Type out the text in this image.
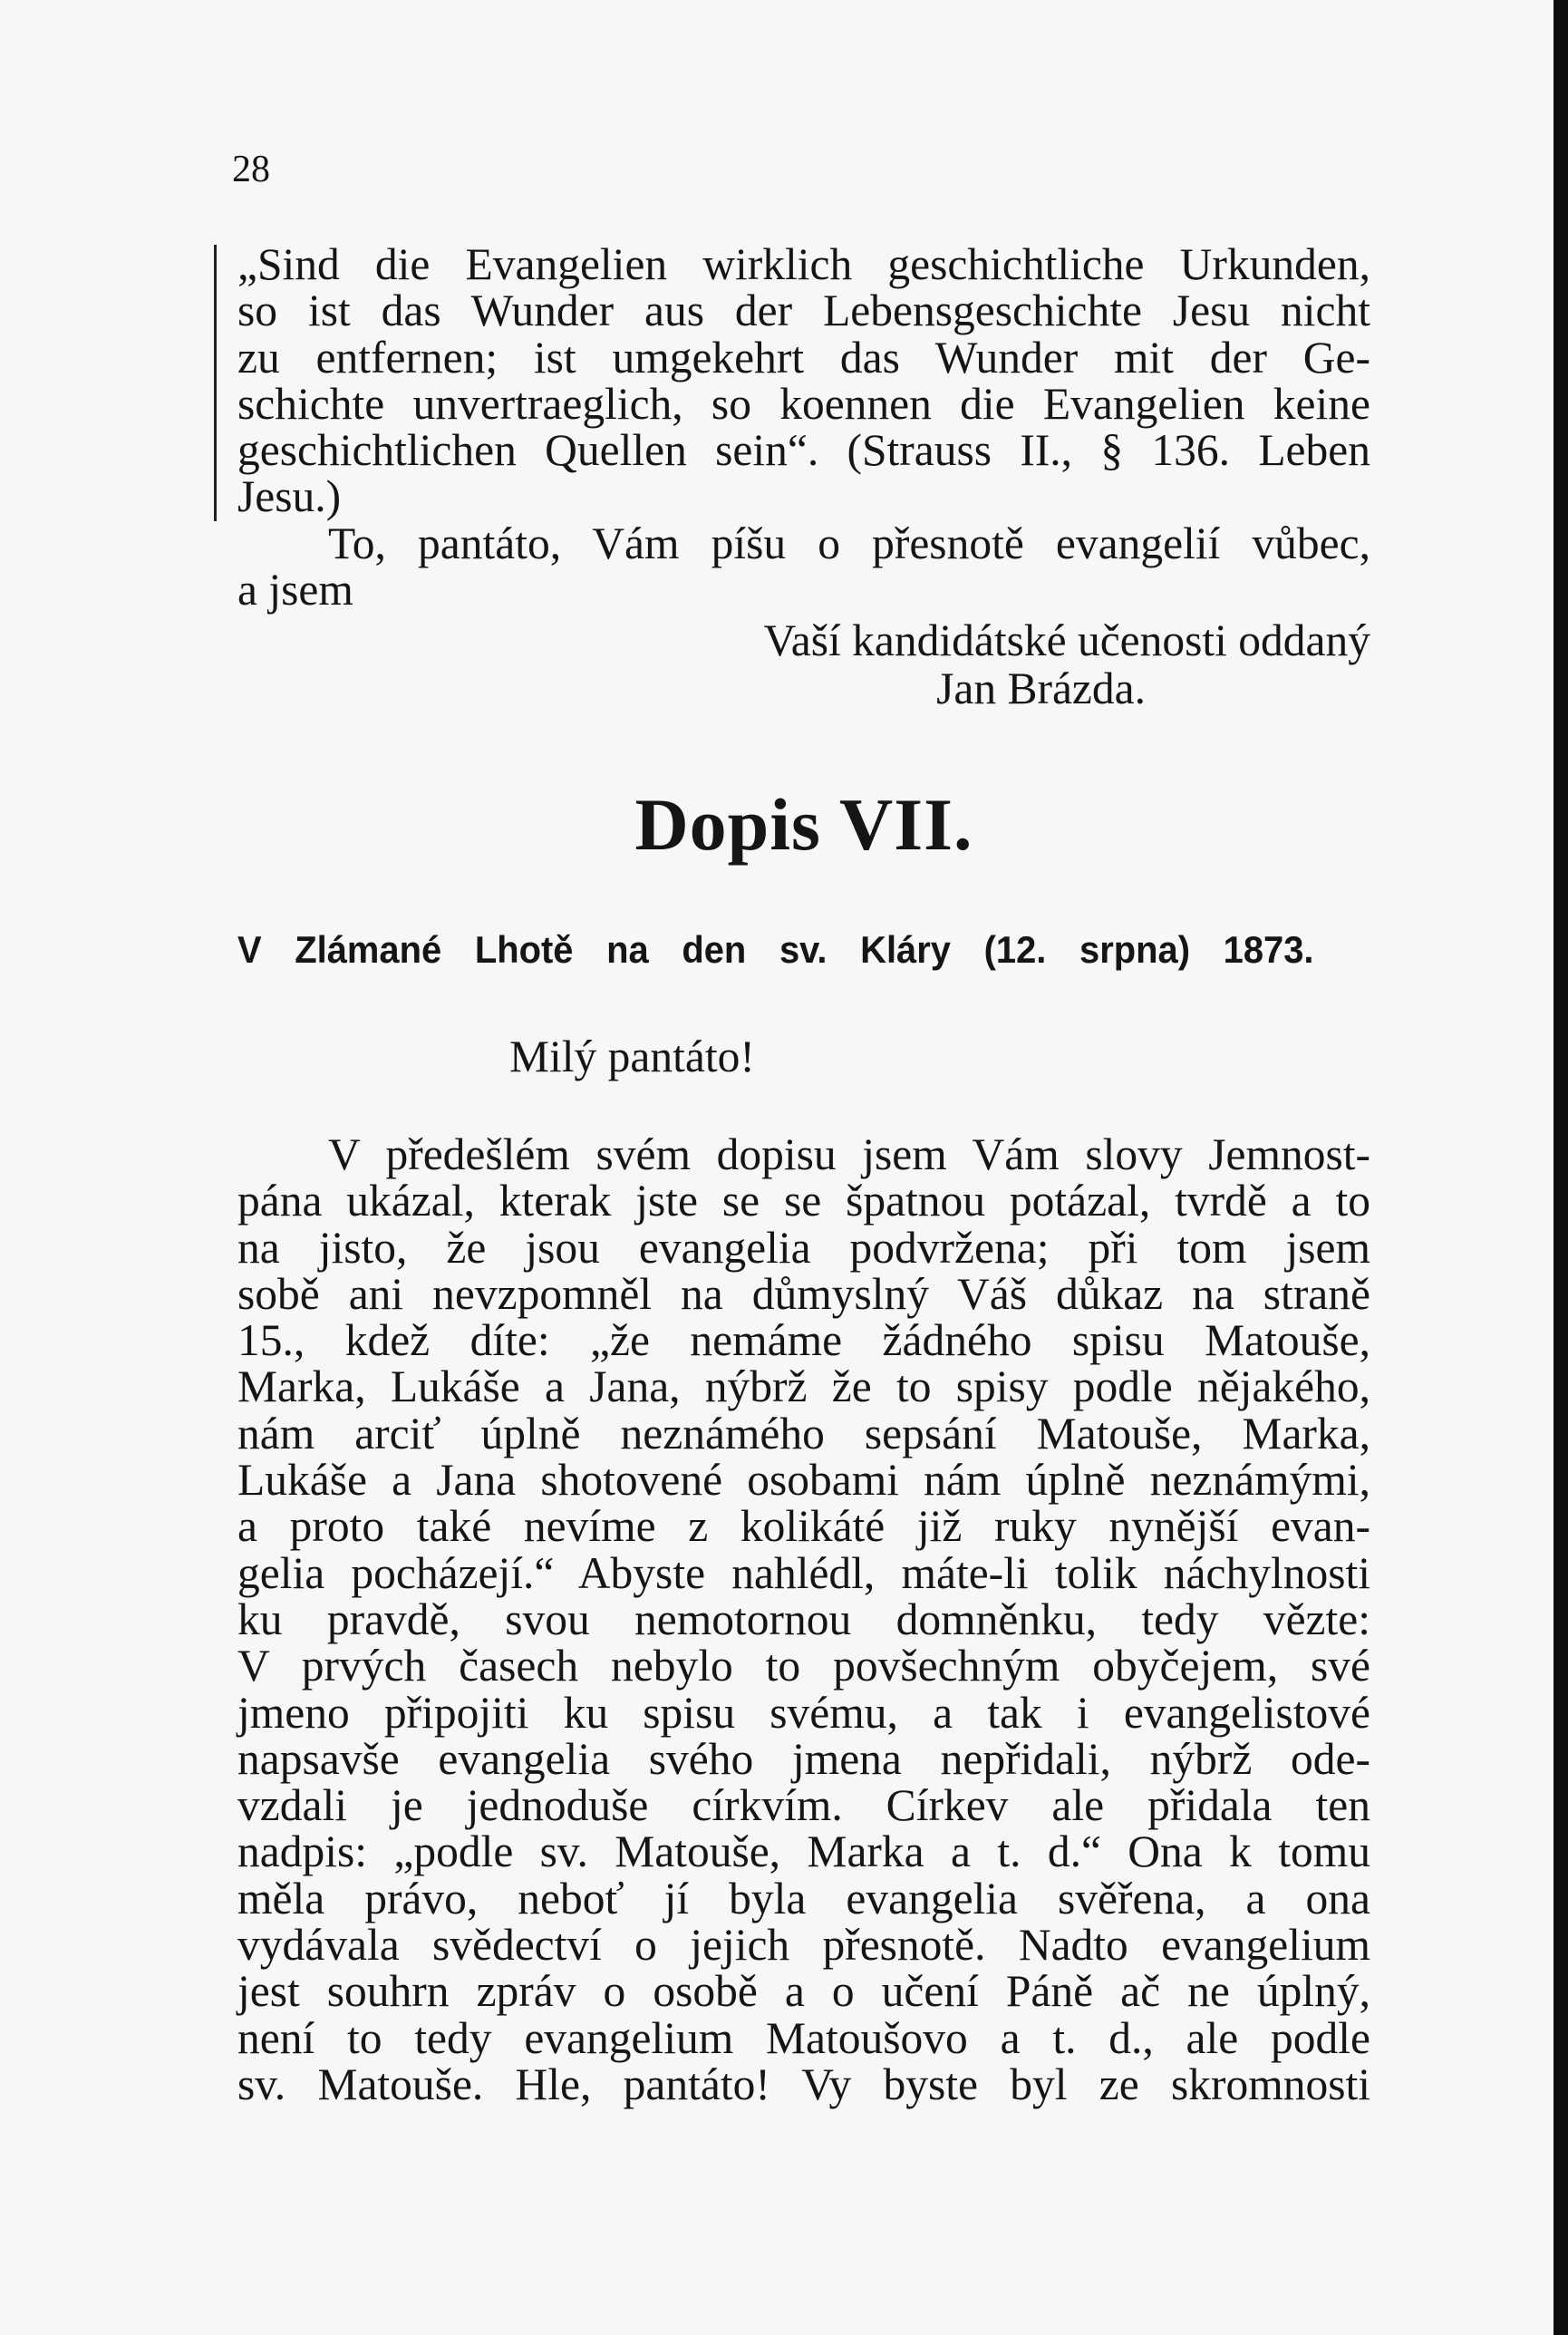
28

„Sind die Evangelien wirklich geschichtliche Urkunden,

so ist das Wunder aus der Lebensgeschichte Jesu nicht

zu entfernen; ist umgekehrt das Wunder mit der Ge-

schichte unvertraeglich, so koennen die Evangelien keine

geschichtlichen Quellen sein“. (Strauss II., § 136. Leben

Jesu.)

To, pantáto, Vám píšu o přesnotě evangelií vůbec,

a jsem

Vaší kandidátské učenosti oddaný

Jan Brázda.

Dopis VII.

V Zlámané Lhotě na den sv. Kláry (12. srpna) 1873.

Milý pantáto!

V předešlém svém dopisu jsem Vám slovy Jemnost-

pána ukázal, kterak jste se se špatnou potázal, tvrdě a to

na jisto, že jsou evangelia podvržena; při tom jsem

sobě ani nevzpomněl na důmyslný Váš důkaz na straně

15., kdež díte: „že nemáme žádného spisu Matouše,

Marka, Lukáše a Jana, nýbrž že to spisy podle nějakého,

nám arciť úplně neznámého sepsání Matouše, Marka,

Lukáše a Jana shotovené osobami nám úplně neznámými,

a proto také nevíme z kolikáté již ruky nynější evan-

gelia pocházejí.“ Abyste nahlédl, máte-li tolik náchylnosti

ku pravdě, svou nemotornou domněnku, tedy vězte:

V prvých časech nebylo to povšechným obyčejem, své

jmeno připojiti ku spisu svému, a tak i evangelistové

napsavše evangelia svého jmena nepřidali, nýbrž ode-

vzdali je jednoduše církvím. Církev ale přidala ten

nadpis: „podle sv. Matouše, Marka a t. d.“ Ona k tomu

měla právo, neboť jí byla evangelia svěřena, a ona

vydávala svědectví o jejich přesnotě. Nadto evangelium

jest souhrn zpráv o osobě a o učení Páně ač ne úplný,

není to tedy evangelium Matoušovo a t. d., ale podle

sv. Matouše. Hle, pantáto! Vy byste byl ze skromnosti
